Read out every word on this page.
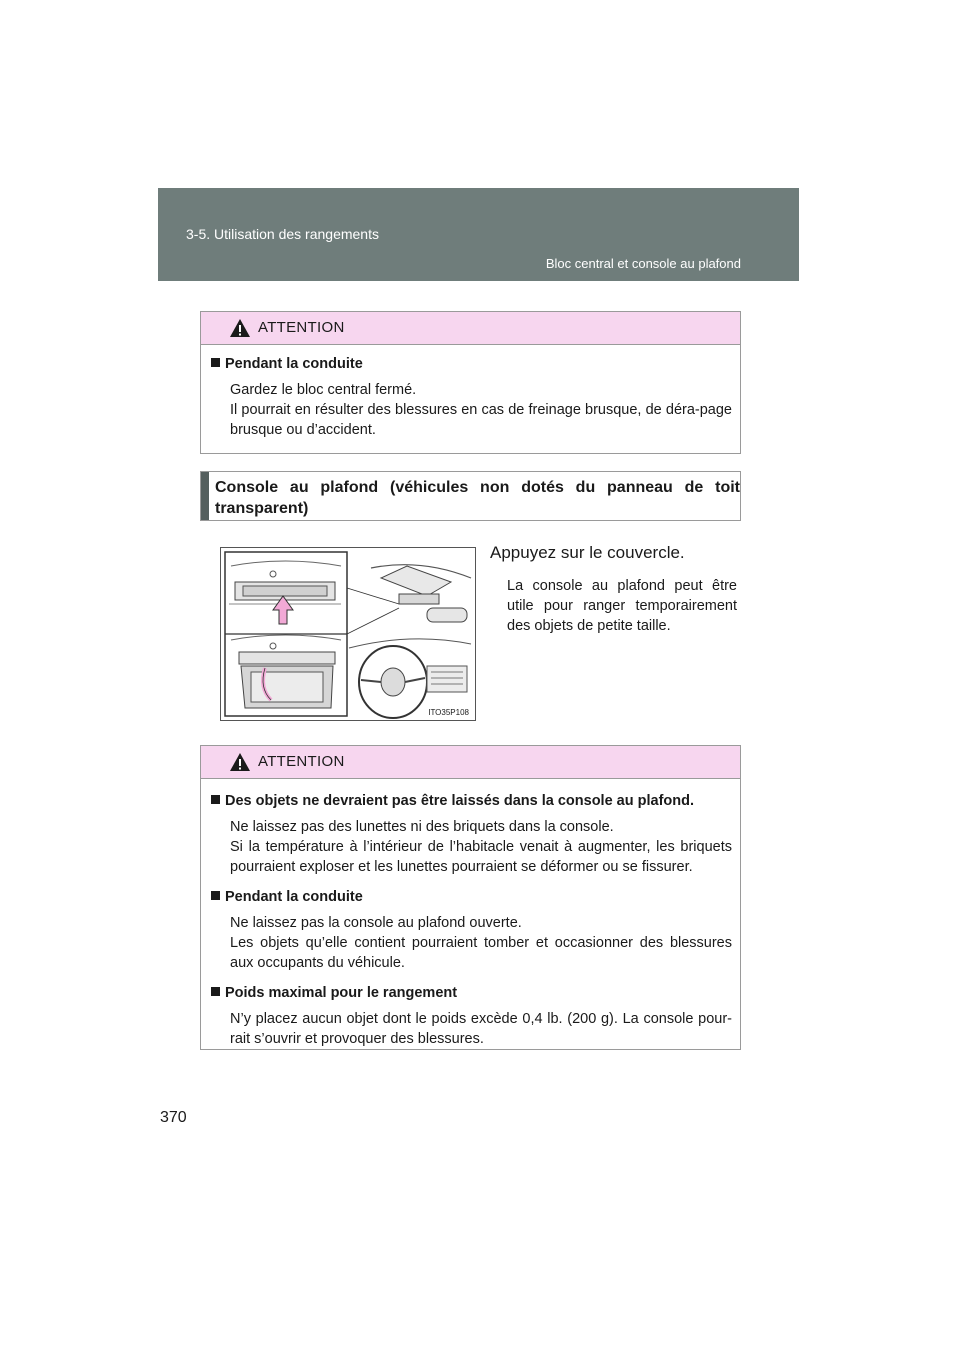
3-5. Utilisation des rangements
Bloc central et console au plafond
ATTENTION
Pendant la conduite

Gardez le bloc central fermé.

Il pourrait en résulter des blessures en cas de freinage brusque, de déra-page brusque ou d’accident.

Console au plafond (véhicules non dotés du panneau de toit transparent)
ITO35P108
Appuyez sur le couvercle.
La console au plafond peut être utile pour ranger temporairement des objets de petite taille.
ATTENTION
Des objets ne devraient pas être laissés dans la console au plafond.

Ne laissez pas des lunettes ni des briquets dans la console.

Si la température à l’intérieur de l’habitacle venait à augmenter, les briquets pourraient exploser et les lunettes pourraient se déformer ou se fissurer.

Pendant la conduite

Ne laissez pas la console au plafond ouverte.

Les objets qu’elle contient pourraient tomber et occasionner des blessures aux occupants du véhicule.

Poids maximal pour le rangement

N’y placez aucun objet dont le poids excède 0,4 lb. (200 g). La console pour-rait s’ouvrir et provoquer des blessures.

370
